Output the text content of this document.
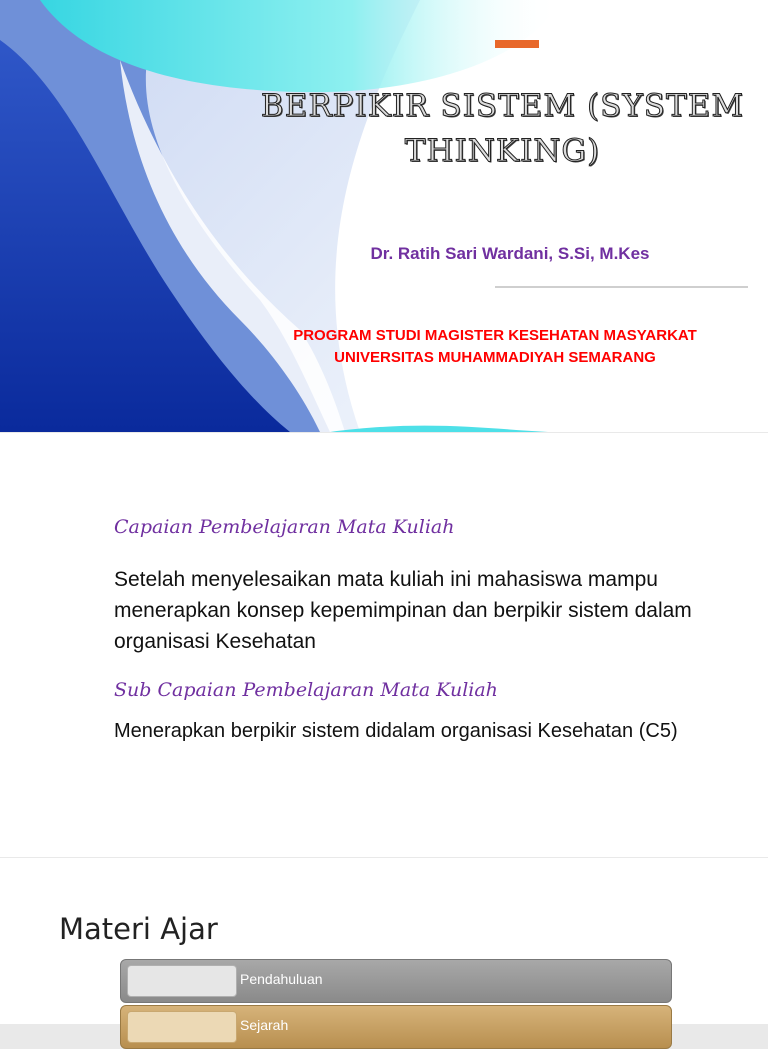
BERPIKIR SISTEM (SYSTEM THINKING)
Dr. Ratih Sari Wardani, S.Si, M.Kes
PROGRAM STUDI MAGISTER KESEHATAN MASYARKAT
UNIVERSITAS MUHAMMADIYAH SEMARANG
Capaian Pembelajaran Mata Kuliah
Setelah menyelesaikan mata kuliah ini mahasiswa mampu menerapkan konsep kepemimpinan dan berpikir sistem dalam organisasi Kesehatan
Sub Capaian Pembelajaran Mata Kuliah
Menerapkan berpikir sistem didalam organisasi Kesehatan (C5)
Materi Ajar
Pendahuluan
Sejarah
